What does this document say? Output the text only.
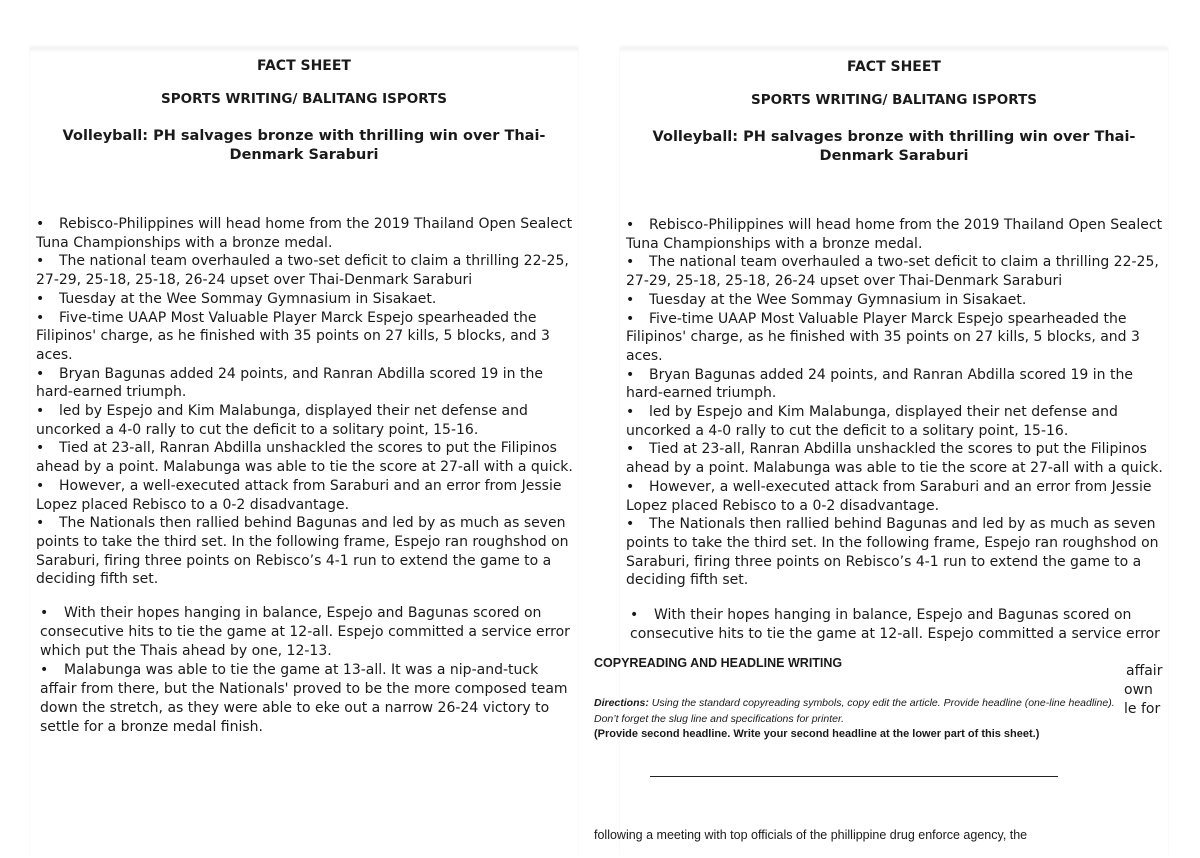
FACT SHEET
SPORTS WRITING/ BALITANG ISPORTS
Volleyball: PH salvages bronze with thrilling win over Thai-Denmark Saraburi

• Rebisco-Philippines will head home from the 2019 Thailand Open Sealect Tuna Championships with a bronze medal.

• The national team overhauled a two-set deficit to claim a thrilling 22-25, 27-29, 25-18, 25-18, 26-24 upset over Thai-Denmark Saraburi

• Tuesday at the Wee Sommay Gymnasium in Sisakaet.

• Five-time UAAP Most Valuable Player Marck Espejo spearheaded the Filipinos' charge, as he finished with 35 points on 27 kills, 5 blocks, and 3 aces.

• Bryan Bagunas added 24 points, and Ranran Abdilla scored 19 in the hard-earned triumph.

• led by Espejo and Kim Malabunga, displayed their net defense and uncorked a 4-0 rally to cut the deficit to a solitary point, 15-16.

• Tied at 23-all, Ranran Abdilla unshackled the scores to put the Filipinos ahead by a point. Malabunga was able to tie the score at 27-all with a quick.

• However, a well-executed attack from Saraburi and an error from Jessie Lopez placed Rebisco to a 0-2 disadvantage.

• The Nationals then rallied behind Bagunas and led by as much as seven points to take the third set. In the following frame, Espejo ran roughshod on Saraburi, firing three points on Rebisco’s 4-1 run to extend the game to a deciding fifth set.

• With their hopes hanging in balance, Espejo and Bagunas scored on consecutive hits to tie the game at 12-all. Espejo committed a service error which put the Thais ahead by one, 12-13.

• Malabunga was able to tie the game at 13-all. It was a nip-and-tuck affair from there, but the Nationals' proved to be the more composed team down the stretch, as they were able to eke out a narrow 26-24 victory to settle for a bronze medal finish.

FACT SHEET
SPORTS WRITING/ BALITANG ISPORTS
Volleyball: PH salvages bronze with thrilling win over Thai-Denmark Saraburi

• Rebisco-Philippines will head home from the 2019 Thailand Open Sealect Tuna Championships with a bronze medal.

• The national team overhauled a two-set deficit to claim a thrilling 22-25, 27-29, 25-18, 25-18, 26-24 upset over Thai-Denmark Saraburi

• Tuesday at the Wee Sommay Gymnasium in Sisakaet.

• Five-time UAAP Most Valuable Player Marck Espejo spearheaded the Filipinos' charge, as he finished with 35 points on 27 kills, 5 blocks, and 3 aces.

• Bryan Bagunas added 24 points, and Ranran Abdilla scored 19 in the hard-earned triumph.

• led by Espejo and Kim Malabunga, displayed their net defense and uncorked a 4-0 rally to cut the deficit to a solitary point, 15-16.

• Tied at 23-all, Ranran Abdilla unshackled the scores to put the Filipinos ahead by a point. Malabunga was able to tie the score at 27-all with a quick.

• However, a well-executed attack from Saraburi and an error from Jessie Lopez placed Rebisco to a 0-2 disadvantage.

• The Nationals then rallied behind Bagunas and led by as much as seven points to take the third set. In the following frame, Espejo ran roughshod on Saraburi, firing three points on Rebisco’s 4-1 run to extend the game to a deciding fifth set.

• With their hopes hanging in balance, Espejo and Bagunas scored on consecutive hits to tie the game at 12-all. Espejo committed a service error

affair
own
le for
COPYREADING AND HEADLINE WRITING
Directions: Using the standard copyreading symbols, copy edit the article. Provide headline (one-line headline). Don’t forget the slug line and specifications for printer.
(Provide second headline. Write your second headline at the lower part of this sheet.)
following a meeting with top officials of the phillippine drug enforce agency, the
